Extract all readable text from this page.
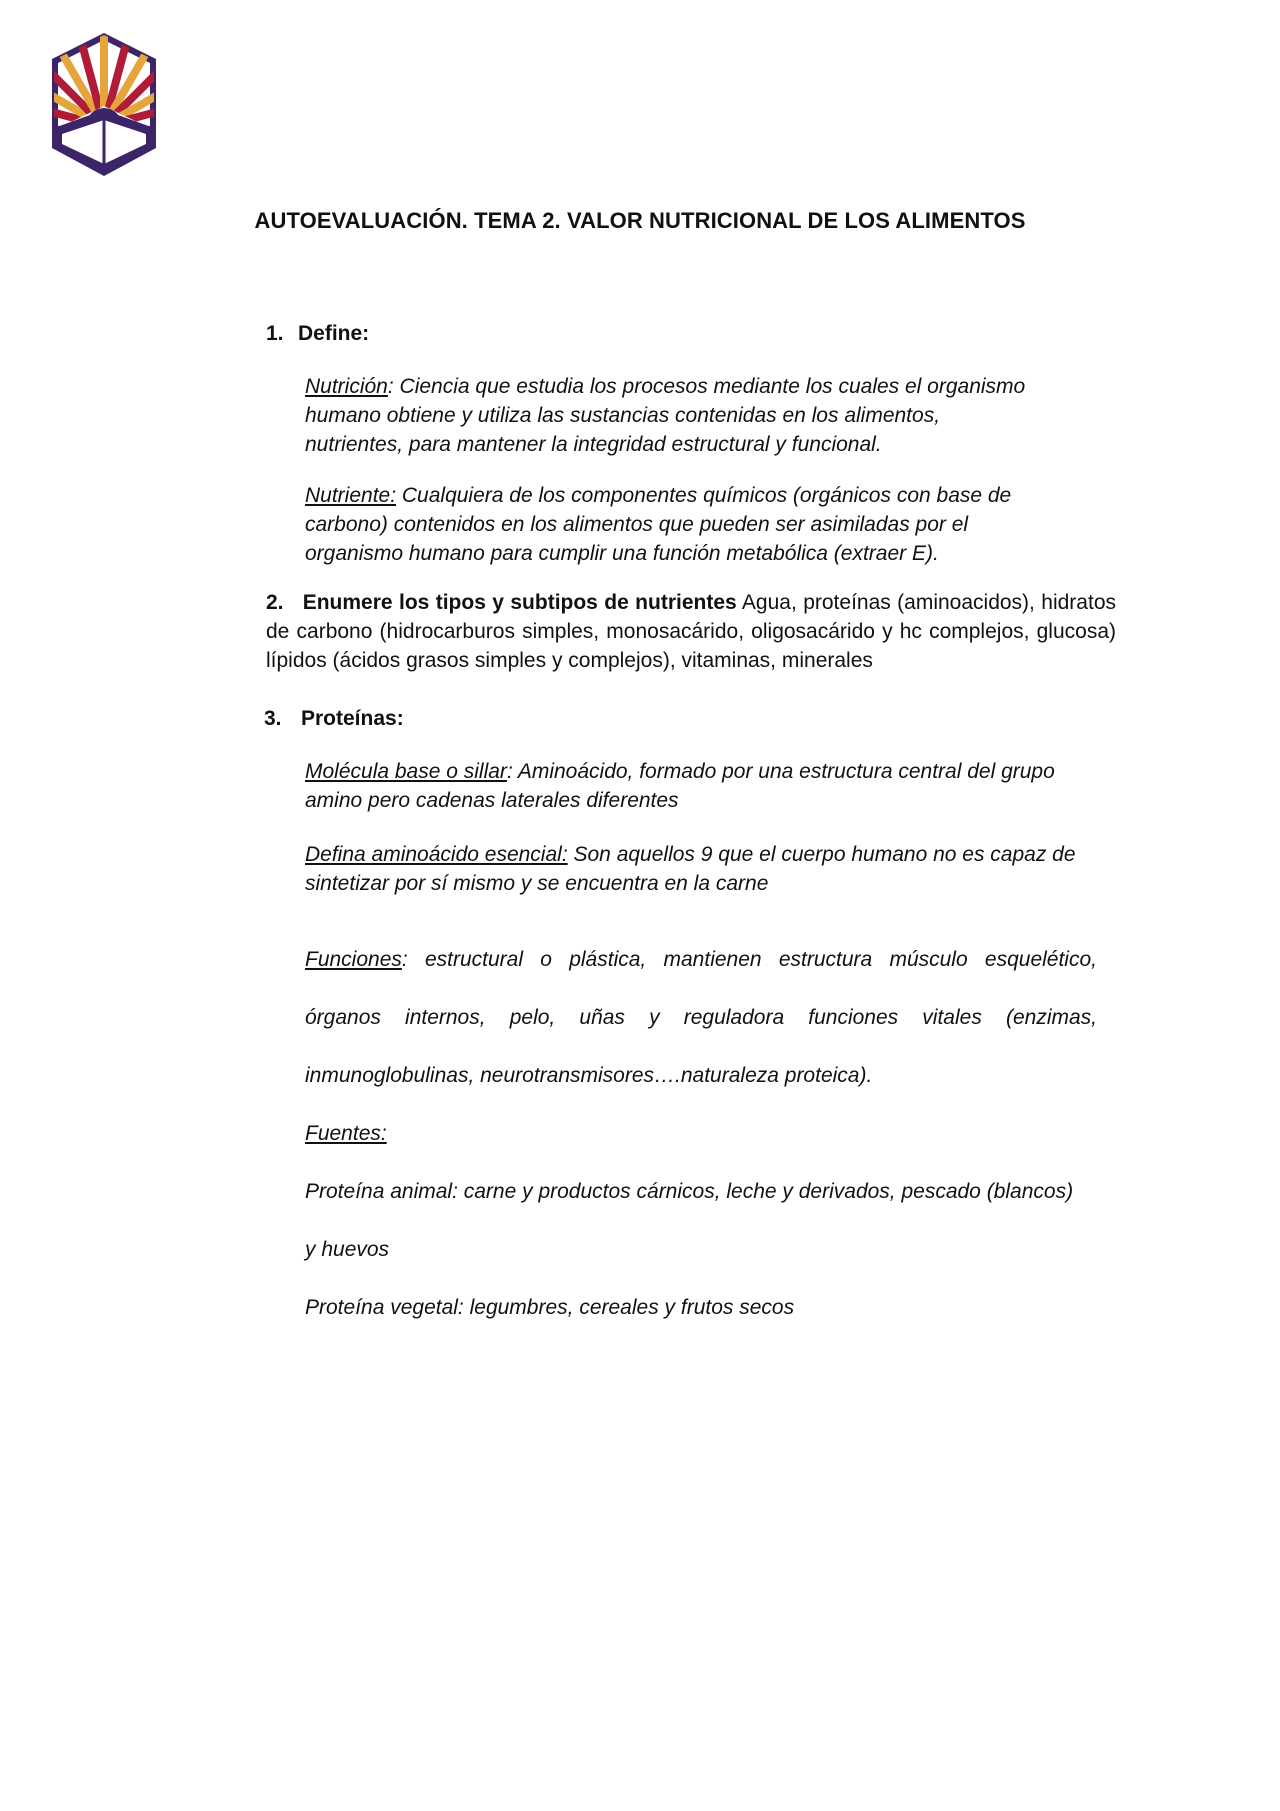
AUTOEVALUACIÓN. TEMA 2. VALOR NUTRICIONAL DE LOS ALIMENTOS
1. Define:
Nutrición: Ciencia que estudia los procesos mediante los cuales el organismo
humano obtiene y utiliza las sustancias contenidas en los alimentos,
nutrientes, para mantener la integridad estructural y funcional.
Nutriente: Cualquiera de los componentes químicos (orgánicos con base de
carbono) contenidos en los alimentos que pueden ser asimiladas por el
organismo humano para cumplir una función metabólica (extraer E).
2. Enumere los tipos y subtipos de nutrientes Agua, proteínas (aminoacidos), hidratos de carbono (hidrocarburos simples, monosacárido, oligosacárido y hc complejos, glucosa) lípidos (ácidos grasos simples y complejos), vitaminas, minerales
3. Proteínas:
Molécula base o sillar: Aminoácido, formado por una estructura central del grupo
amino pero cadenas laterales diferentes
Defina aminoácido esencial: Son aquellos 9 que el cuerpo humano no es capaz de
sintetizar por sí mismo y se encuentra en la carne
Funciones: estructural o plástica, mantienen estructura músculo esquelético,
órganos internos, pelo, uñas y reguladora funciones vitales (enzimas,
inmunoglobulinas, neurotransmisores….naturaleza proteica).
Fuentes:
Proteína animal: carne y productos cárnicos, leche y derivados, pescado (blancos)
y huevos
Proteína vegetal: legumbres, cereales y frutos secos
